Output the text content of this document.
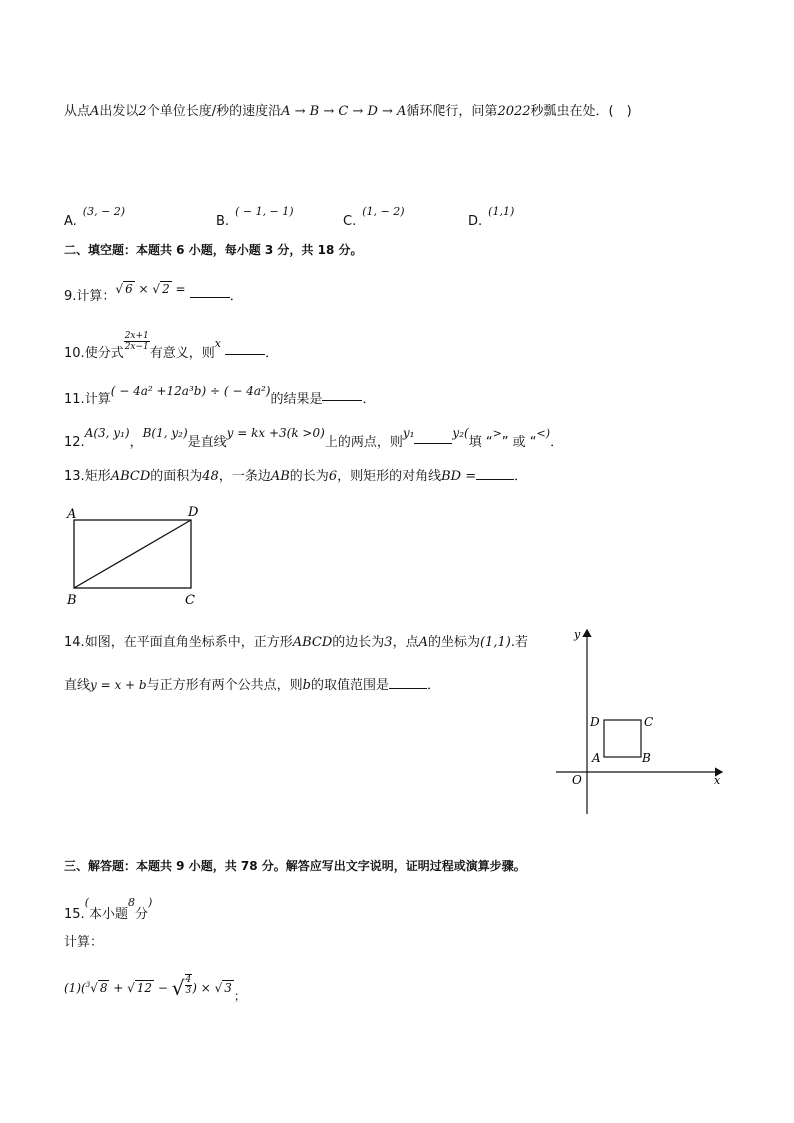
从点A出发以2个单位长度/秒的速度沿A → B → C → D → A循环爬行，问第2022秒瓢虫在处．(　)
A.(3, − 2)
B.( − 1, − 1)
C.(1, − 2)
D.(1,1)
二、填空题：本题共 6 小题，每小题 3 分，共 18 分。
9.计算：√ 6 × √ 2 =	．
10.使分式
$\frac{2x+1}{2x-1}$
有意义，则x ．
11.计算( − 4a² +12a³b) ÷ ( − 4a²)的结果是	．
12.A(3, y₁)，B(1, y₂)是直线y = kx +3(k >0)上的两点，则y₁	y₂(填 “>” 或 “<)．
13.矩形ABCD的面积为48，一条边AB的长为6，则矩形的对角线BD =	．
A	D
B	C
14.如图，在平面直角坐标系中，正方形ABCD的边长为3，点A的坐标为(1,1).若
直线y = x + b与正方形有两个公共点，则b的取值范围是	．
x
y
O
A	B
C
D
三、解答题：本题共 9 小题，共 78 分。解答应写出文字说明，证明过程或演算步骤。
15.(本小题8分)
计算：
(1)($^3$√ 8 + √ 12 − √ $\frac{4}{3}$ ) × √ 3；
